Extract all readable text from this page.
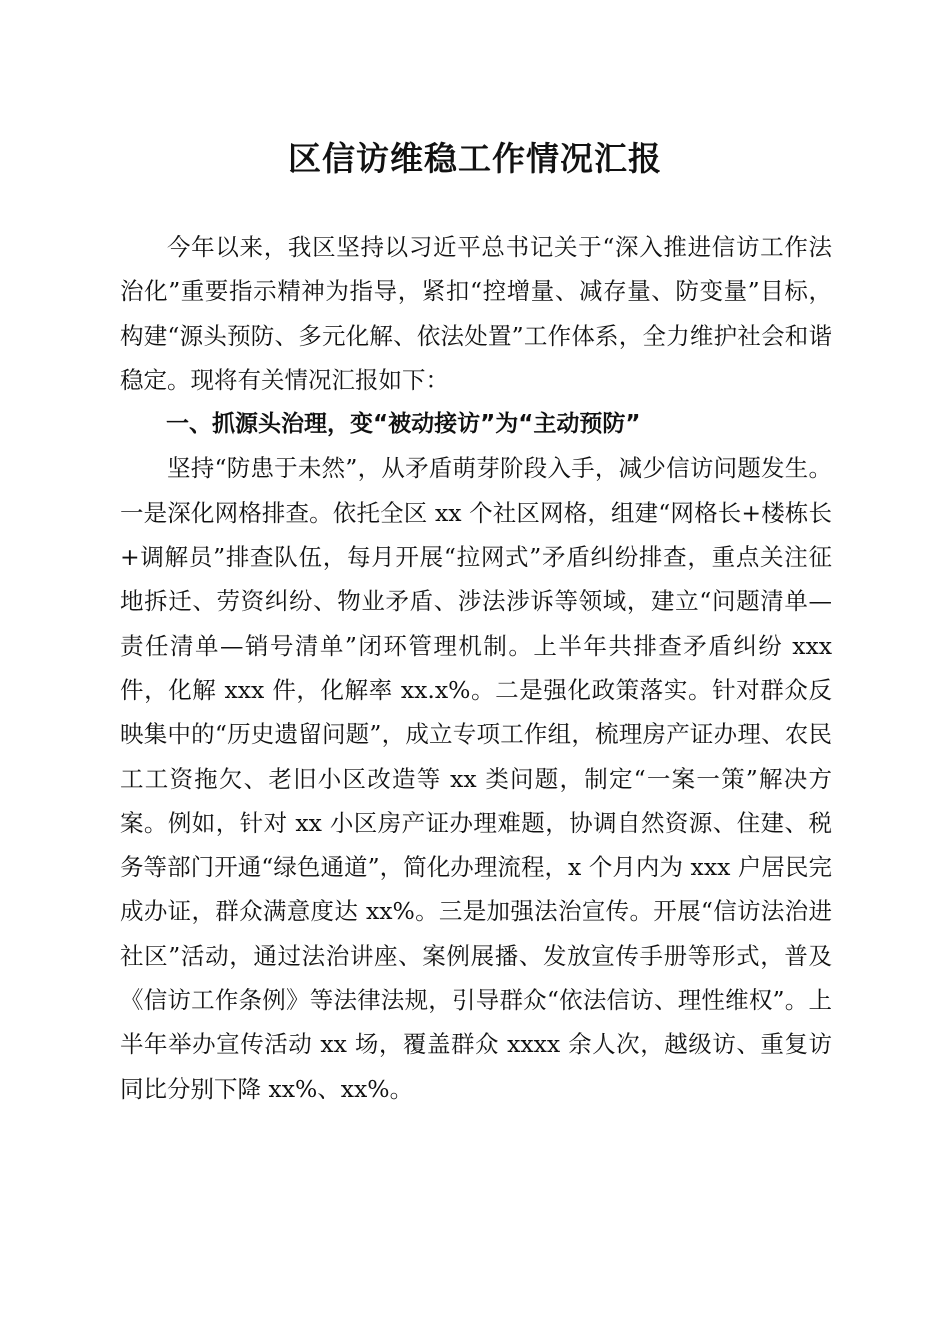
区信访维稳工作情况汇报

今年以来，我区坚持以习近平总书记关于“深入推进信访工作法治化”重要指示精神为指导，紧扣“控增量、减存量、防变量”目标，构建“源头预防、多元化解、依法处置”工作体系，全力维护社会和谐稳定。现将有关情况汇报如下：

一、抓源头治理，变“被动接访”为“主动预防”

坚持“防患于未然”，从矛盾萌芽阶段入手，减少信访问题发生。一是深化网格排查。依托全区 xx 个社区网格，组建“网格长+楼栋长+调解员”排查队伍，每月开展“拉网式”矛盾纠纷排查，重点关注征地拆迁、劳资纠纷、物业矛盾、涉法涉诉等领域，建立“问题清单—责任清单—销号清单”闭环管理机制。上半年共排查矛盾纠纷 xxx 件，化解 xxx 件，化解率 xx.x%。二是强化政策落实。针对群众反映集中的“历史遗留问题”，成立专项工作组，梳理房产证办理、农民工工资拖欠、老旧小区改造等 xx 类问题，制定“一案一策”解决方案。例如，针对 xx 小区房产证办理难题，协调自然资源、住建、税务等部门开通“绿色通道”，简化办理流程，x 个月内为 xxx 户居民完成办证，群众满意度达 xx%。三是加强法治宣传。开展“信访法治进社区”活动，通过法治讲座、案例展播、发放宣传手册等形式，普及《信访工作条例》等法律法规，引导群众“依法信访、理性维权”。上半年举办宣传活动 xx 场，覆盖群众 xxxx 余人次，越级访、重复访同比分别下降 xx%、xx%。
